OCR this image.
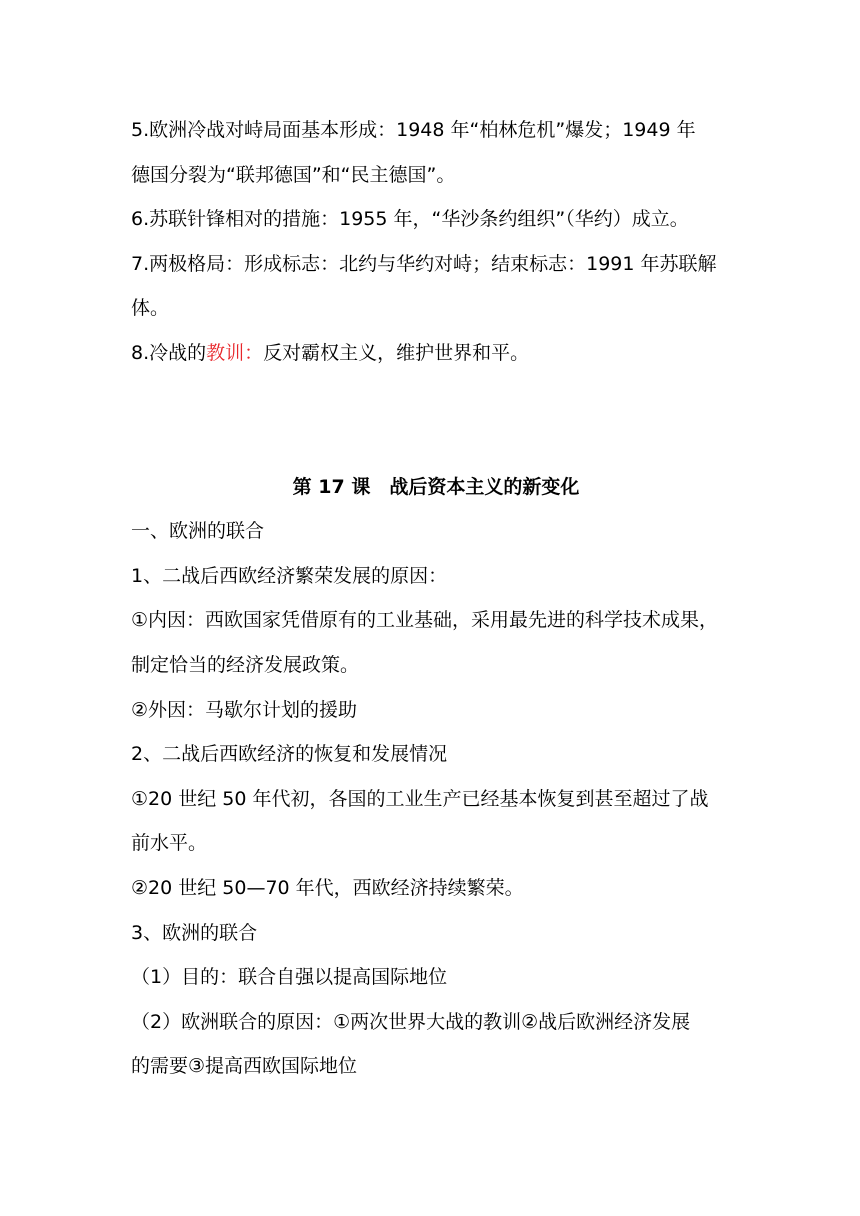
5.欧洲冷战对峙局面基本形成：1948 年“柏林危机”爆发；1949 年
德国分裂为“联邦德国”和“民主德国”。
6.苏联针锋相对的措施：1955 年，“华沙条约组织”（华约）成立。
7.两极格局：形成标志：北约与华约对峙；结束标志：1991 年苏联解
体。
8.冷战的教训：反对霸权主义，维护世界和平。
第 17 课　战后资本主义的新变化
一、欧洲的联合
1、二战后西欧经济繁荣发展的原因：
①内因：西欧国家凭借原有的工业基础，采用最先进的科学技术成果，
制定恰当的经济发展政策。
②外因：马歇尔计划的援助
2、二战后西欧经济的恢复和发展情况
①20 世纪 50 年代初，各国的工业生产已经基本恢复到甚至超过了战
前水平。
②20 世纪 50—70 年代，西欧经济持续繁荣。
3、欧洲的联合
（1）目的：联合自强以提高国际地位
（2）欧洲联合的原因：①两次世界大战的教训②战后欧洲经济发展
的需要③提高西欧国际地位
